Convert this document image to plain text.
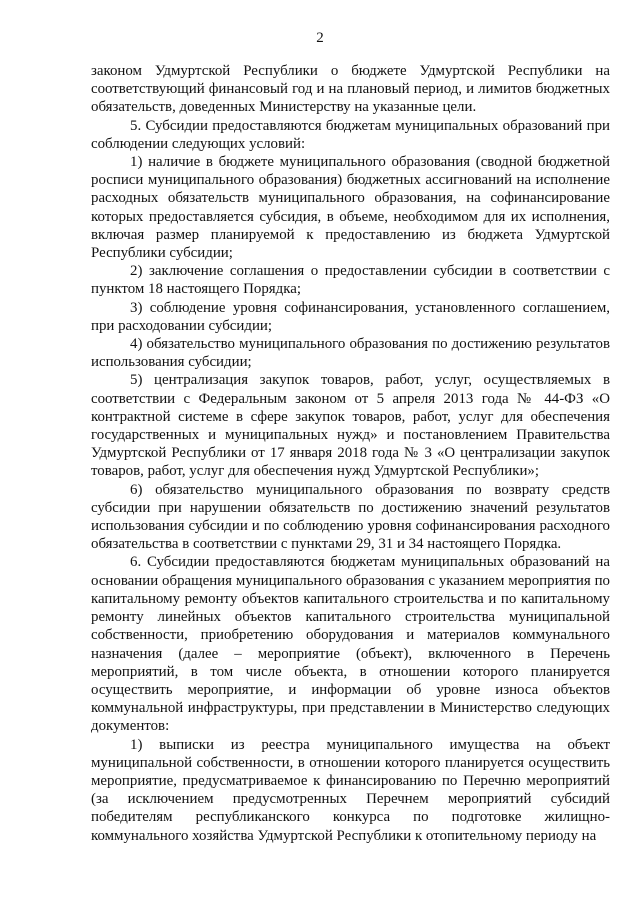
2

законом Удмуртской Республики о бюджете Удмуртской Республики на соответствующий финансовый год и на плановый период, и лимитов бюджетных обязательств, доведенных Министерству на указанные цели.

5. Субсидии предоставляются бюджетам муниципальных образований при соблюдении следующих условий:

1) наличие в бюджете муниципального образования (сводной бюджетной росписи муниципального образования) бюджетных ассигнований на исполнение расходных обязательств муниципального образования, на софинансирование которых предоставляется субсидия, в объеме, необходимом для их исполнения, включая размер планируемой к предоставлению из бюджета Удмуртской Республики субсидии;

2) заключение соглашения о предоставлении субсидии в соответствии с пунктом 18 настоящего Порядка;

3) соблюдение уровня софинансирования, установленного соглашением, при расходовании субсидии;

4) обязательство муниципального образования по достижению результатов использования субсидии;

5) централизация закупок товаров, работ, услуг, осуществляемых в соответствии с Федеральным законом от 5 апреля 2013 года № 44-ФЗ «О контрактной системе в сфере закупок товаров, работ, услуг для обеспечения государственных и муниципальных нужд» и постановлением Правительства Удмуртской Республики от 17 января 2018 года № 3 «О централизации закупок товаров, работ, услуг для обеспечения нужд Удмуртской Республики»;

6) обязательство муниципального образования по возврату средств субсидии при нарушении обязательств по достижению значений результатов использования субсидии и по соблюдению уровня софинансирования расходного обязательства в соответствии с пунктами 29, 31 и 34 настоящего Порядка.

6. Субсидии предоставляются бюджетам муниципальных образований на основании обращения муниципального образования с указанием мероприятия по капитальному ремонту объектов капитального строительства и по капитальному ремонту линейных объектов капитального строительства муниципальной собственности, приобретению оборудования и материалов коммунального назначения (далее – мероприятие (объект), включенного в Перечень мероприятий, в том числе объекта, в отношении которого планируется осуществить мероприятие, и информации об уровне износа объектов коммунальной инфраструктуры, при представлении в Министерство следующих документов:

1) выписки из реестра муниципального имущества на объект муниципальной собственности, в отношении которого планируется осуществить мероприятие, предусматриваемое к финансированию по Перечню мероприятий (за исключением предусмотренных Перечнем мероприятий субсидий победителям республиканского конкурса по подготовке жилищно-коммунального хозяйства Удмуртской Республики к отопительному периоду на
